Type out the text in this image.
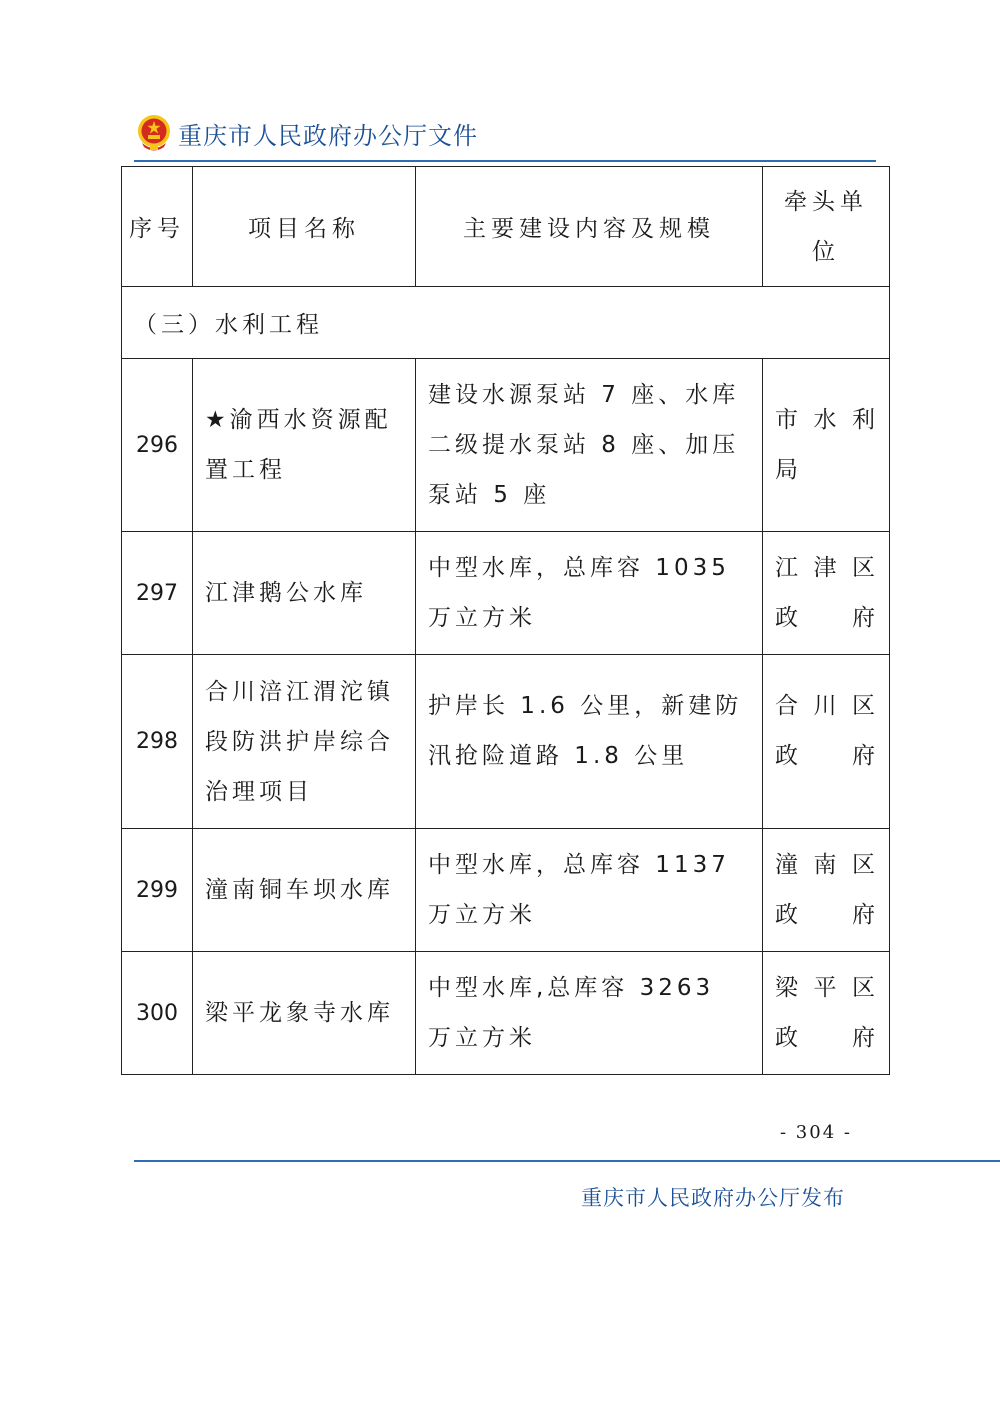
重庆市人民政府办公厅文件
序号	项目名称	主要建设内容及规模	牵头单
位
（三）水利工程			
296	★渝西水资源配置工程	建设水源泵站 7 座、水库二级提水泵站 8 座、加压泵站 5 座	市水利局
297	江津鹅公水库	中型水库，总库容 1035 万立方米	江津区政府
298	合川涪江渭沱镇段防洪护岸综合治理项目	护岸长 1.6 公里，新建防汛抢险道路 1.8 公里	合川区政府
299	潼南铜车坝水库	中型水库，总库容 1137 万立方米	潼南区政府
300	梁平龙象寺水库	中型水库,总库容 3263 万立方米	梁平区政府
- 304 -
重庆市人民政府办公厅发布
